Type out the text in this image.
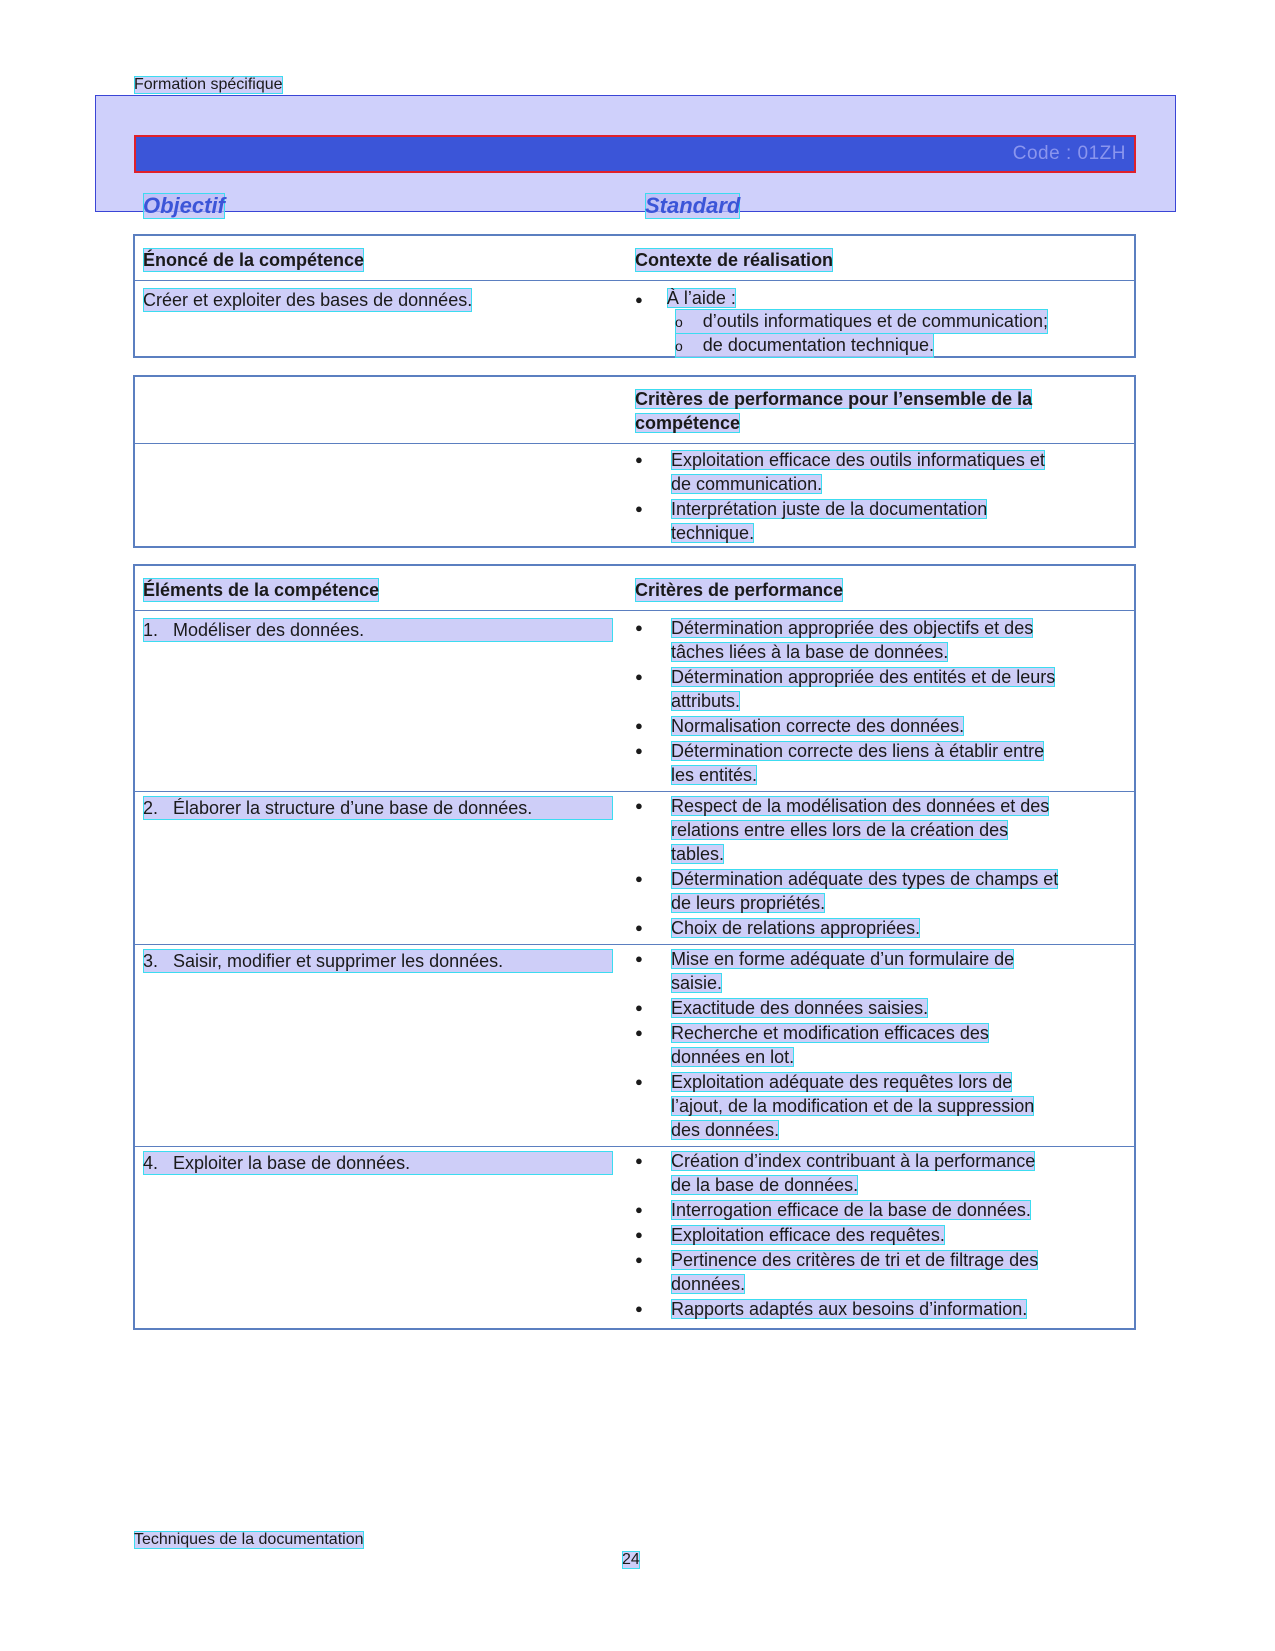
Formation spécifique
Code : 01ZH
Objectif	Standard
Énoncé de la compétence	Contexte de réalisation
Créer et exploiter des bases de données.	● À l’aide :
o d’outils informatiques et de communication;
o de documentation technique.
Critères de performance pour l’ensemble de la
compétence
● Exploitation efficace des outils informatiques et
de communication.
● Interprétation juste de la documentation
technique.
Éléments de la compétence	Critères de performance
1. Modéliser des données.	● Détermination appropriée des objectifs et des
tâches liées à la base de données.
● Détermination appropriée des entités et de leurs
attributs.
● Normalisation correcte des données.
● Détermination correcte des liens à établir entre
les entités.
2. Élaborer la structure d’une base de données.	● Respect de la modélisation des données et des
relations entre elles lors de la création des
tables.
● Détermination adéquate des types de champs et
de leurs propriétés.
● Choix de relations appropriées.
3. Saisir, modifier et supprimer les données.	● Mise en forme adéquate d’un formulaire de
saisie.
● Exactitude des données saisies.
● Recherche et modification efficaces des
données en lot.
● Exploitation adéquate des requêtes lors de
l’ajout, de la modification et de la suppression
des données.
4. Exploiter la base de données.	● Création d’index contribuant à la performance
de la base de données.
● Interrogation efficace de la base de données.
● Exploitation efficace des requêtes.
● Pertinence des critères de tri et de filtrage des
données.
● Rapports adaptés aux besoins d’information.
Techniques de la documentation
24
